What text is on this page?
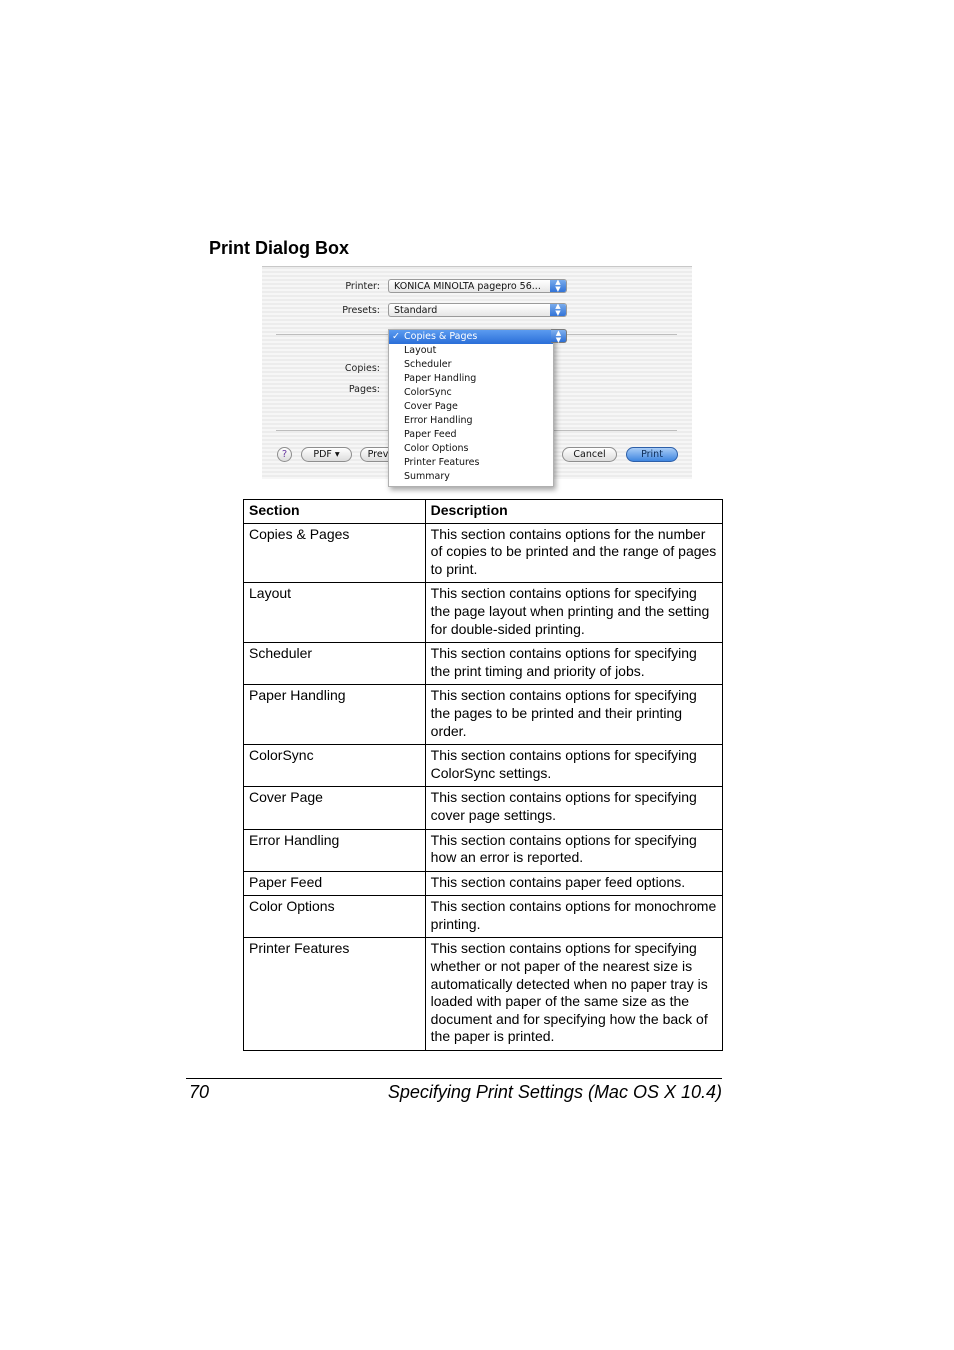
Print Dialog Box
Printer:	KONICA MINOLTA pagepro 56...	▲
▼
Presets:	Standard	▲
▼
Copies:
Pages:
?	PDF ▾	Prev	Cancel	Print
✓ Copies & Pages
Layout
Scheduler
Paper Handling
ColorSync
Cover Page
Error Handling
Paper Feed
Color Options
Printer Features
Summary
▲
▼
Section	Description
Copies & Pages	This section contains options for the number of copies to be printed and the range of pages to print.
Layout	This section contains options for specifying the page layout when printing and the setting for double-sided printing.
Scheduler	This section contains options for specifying the print timing and priority of jobs.
Paper Handling	This section contains options for specifying the pages to be printed and their printing order.
ColorSync	This section contains options for specifying ColorSync settings.
Cover Page	This section contains options for specifying cover page settings.
Error Handling	This section contains options for specifying how an error is reported.
Paper Feed	This section contains paper feed options.
Color Options	This section contains options for monochrome printing.
Printer Features	This section contains options for specifying whether or not paper of the nearest size is automatically detected when no paper tray is loaded with paper of the same size as the document and for specifying how the back of the paper is printed.
70	Specifying Print Settings (Mac OS X 10.4)
